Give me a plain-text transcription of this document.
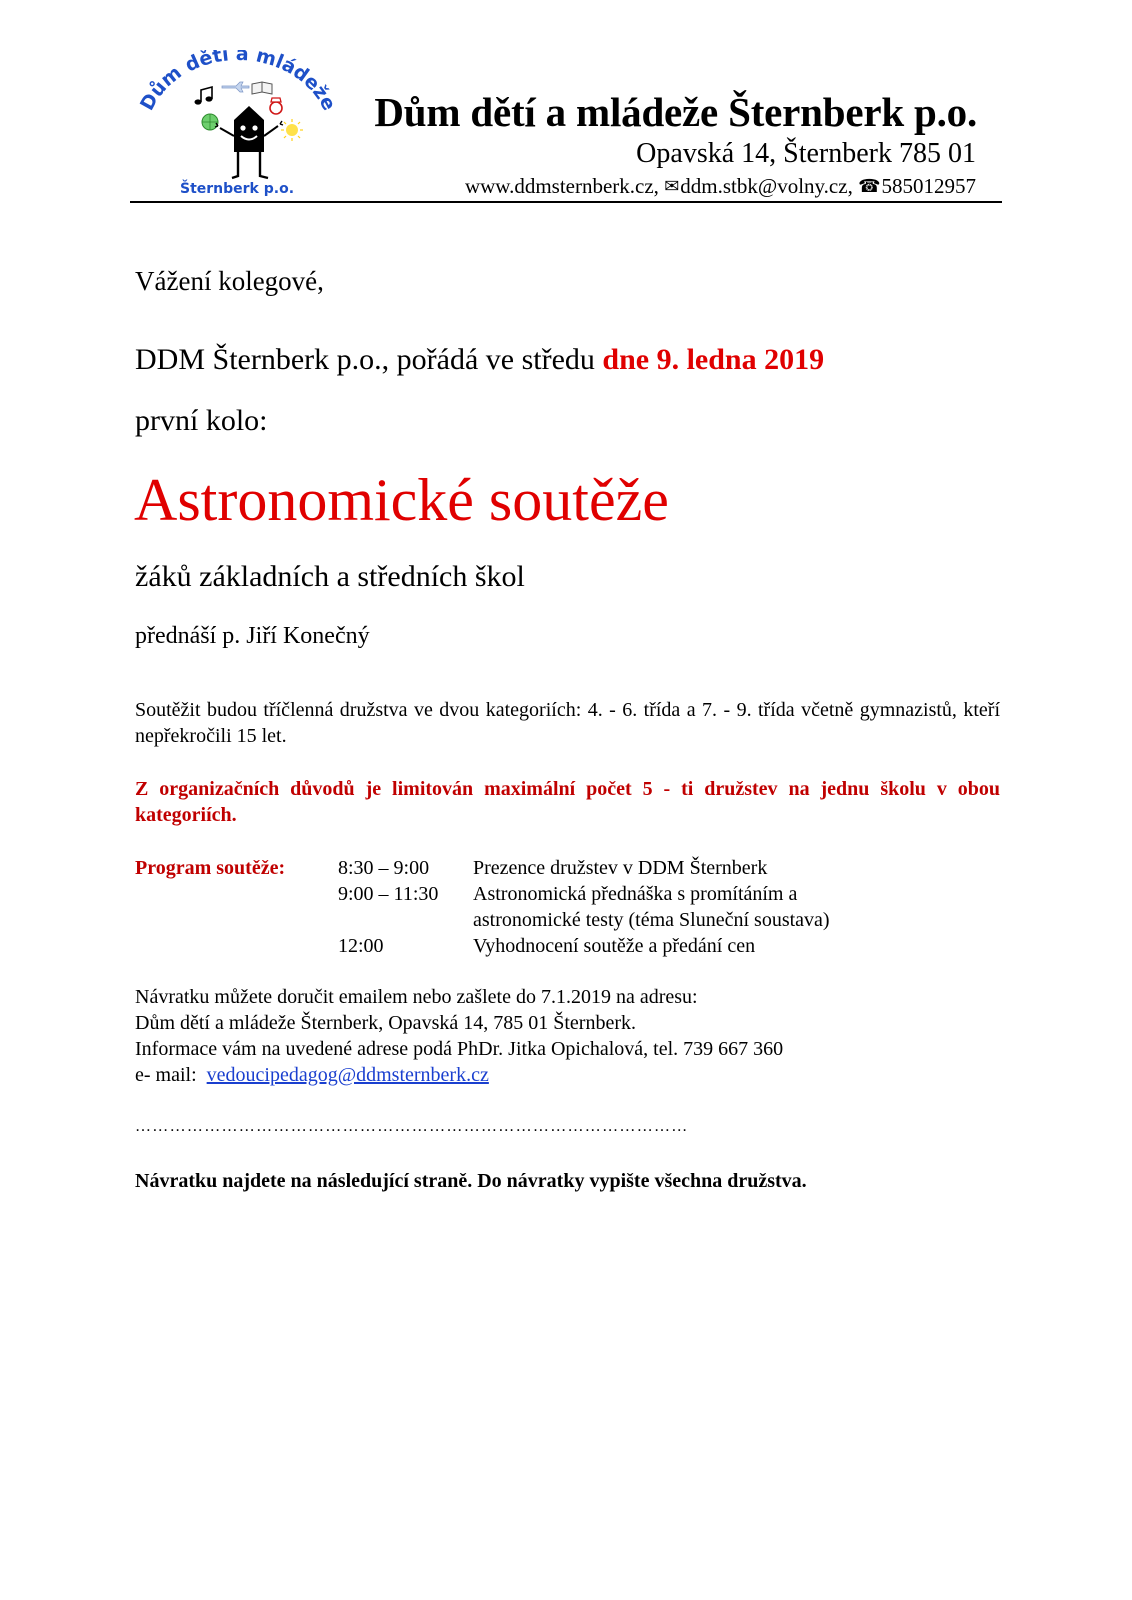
Dům dětí a mládeže
Šternberk p.o.
Dům dětí a mládeže Šternberk p.o.
Opavská 14, Šternberk 785 01
www.ddmsternberk.cz, ✉ddm.stbk@volny.cz, ☎585012957
Vážení kolegové,
DDM Šternberk p.o., pořádá ve středu dne 9. ledna 2019
první kolo:
Astronomické soutěže
žáků základních a středních škol
přednáší p. Jiří Konečný
Soutěžit budou tříčlenná družstva ve dvou kategoriích: 4. - 6. třída a 7. - 9. třída včetně gymnazistů, kteří nepřekročili 15 let.
Z organizačních důvodů je limitován maximální počet 5 - ti družstev na jednu školu v obou kategoriích.
Program soutěže:	8:30 – 9:00 Prezence družstev v DDM Šternberk
9:00 – 11:30 Astronomická přednáška s promítáním a
astronomické testy (téma Sluneční soustava)
12:00	Vyhodnocení soutěže a předání cen
Návratku můžete doručit emailem nebo zašlete do 7.1.2019 na adresu:
Dům dětí a mládeže Šternberk, Opavská 14, 785 01 Šternberk.
Informace vám na uvedené adrese podá PhDr. Jitka Opichalová, tel. 739 667 360
e- mail: vedoucipedagog@ddmsternberk.cz
……………………………………………………………………………………
Návratku najdete na následující straně. Do návratky vypište všechna družstva.
